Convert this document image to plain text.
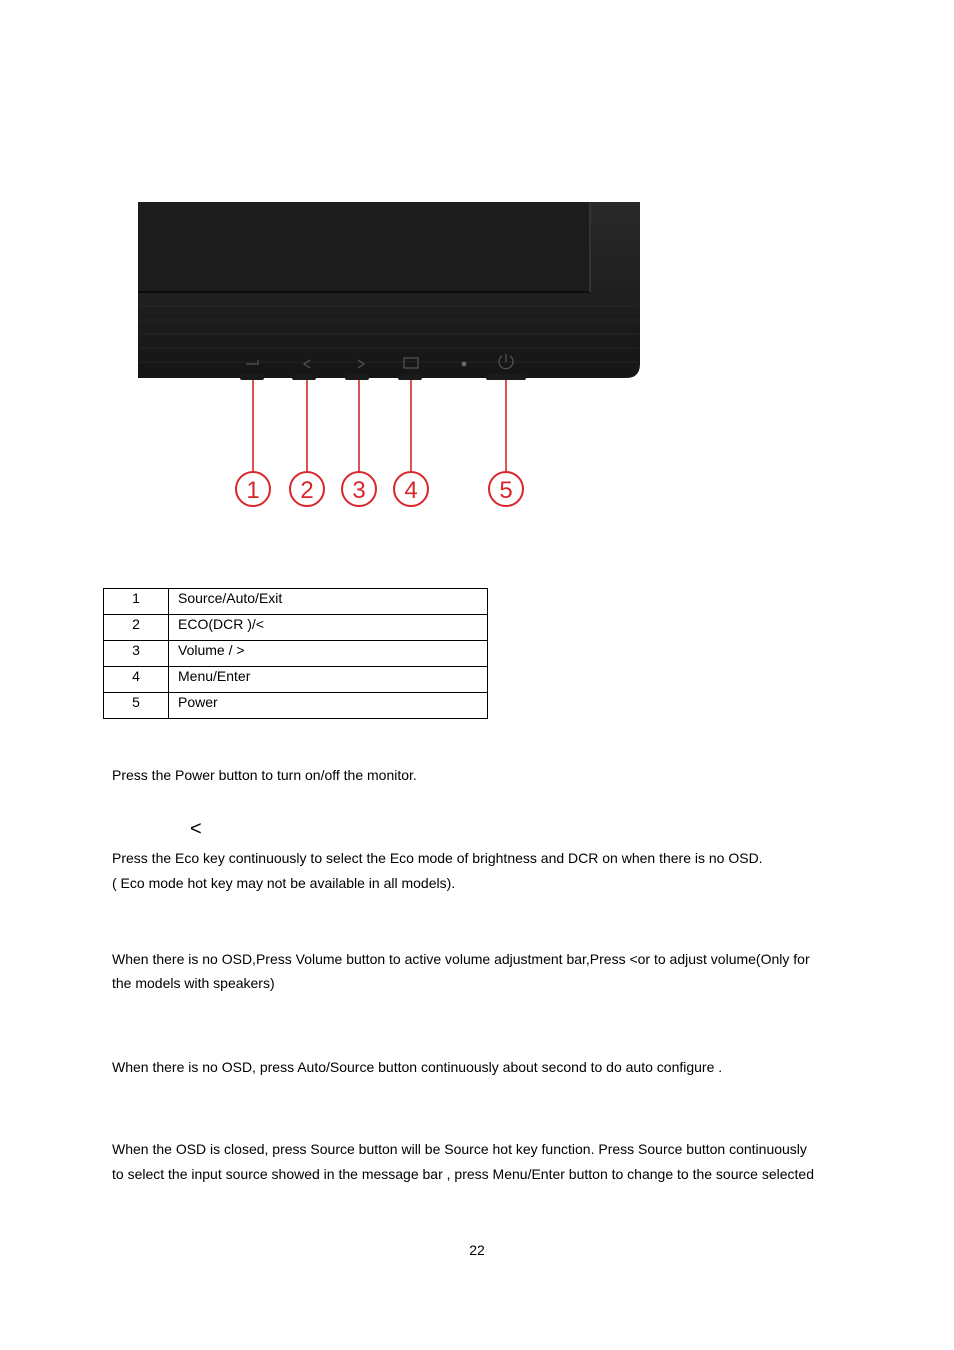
1 2 3 4	5
1	Source/Auto/Exit
2	ECO(DCR )/<
3	Volume / >
4	Menu/Enter
5	Power
Press the Power button to turn on/off the monitor.
<
Press the Eco key continuously to select the Eco mode of brightness and DCR on when there is no OSD.
( Eco mode hot key may not be available in all models).
When there is no OSD,Press Volume button to active volume adjustment bar,Press <or to adjust volume(Only for
the models with speakers)
When there is no OSD, press Auto/Source button continuously about second to do auto configure .
When the OSD is closed, press Source button will be Source hot key function. Press Source button continuously
to select the input source showed in the message bar , press Menu/Enter button to change to the source selected
22
